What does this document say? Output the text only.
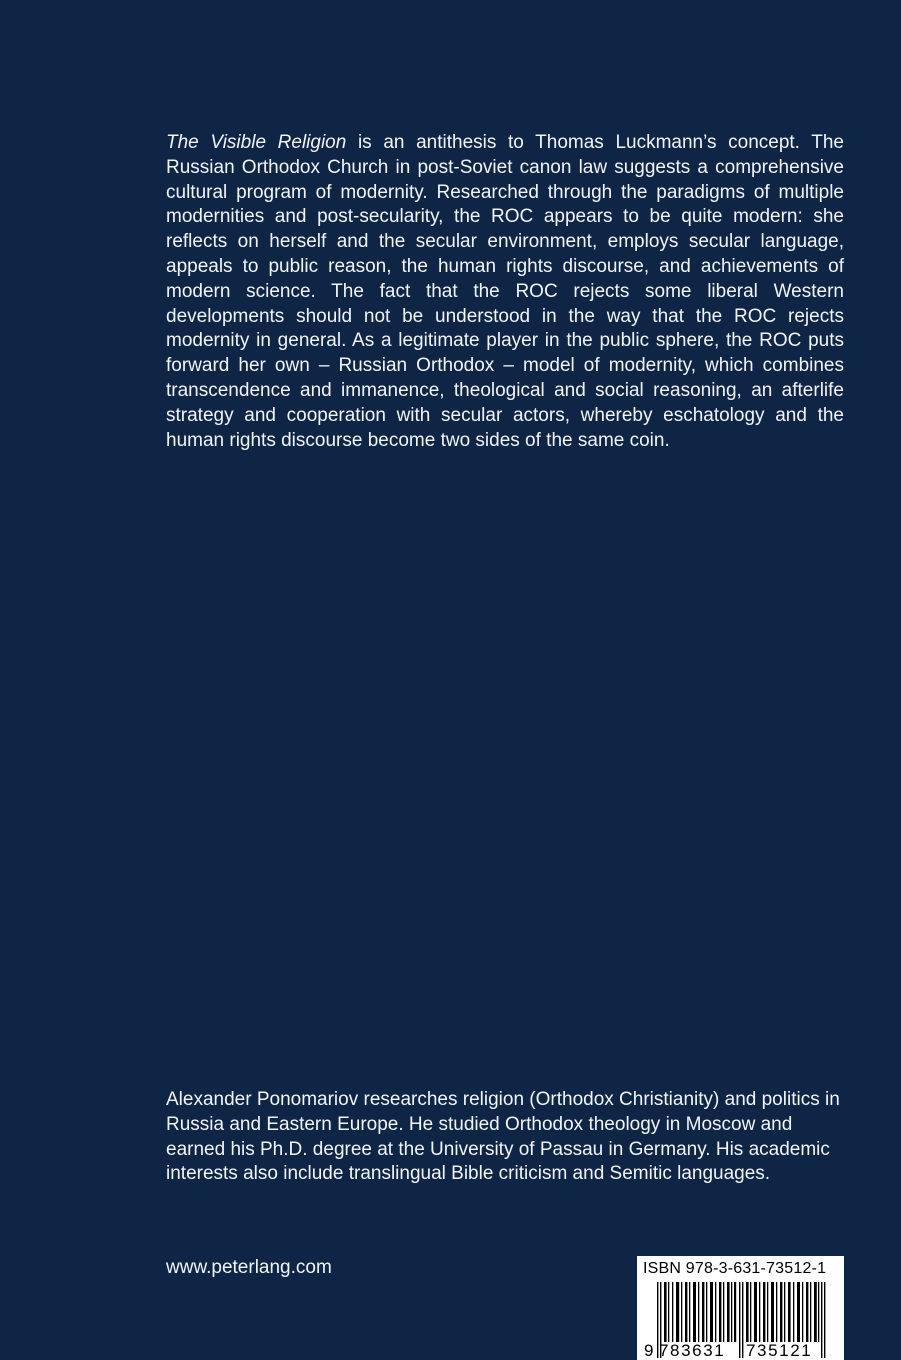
The Visible Religion is an antithesis to Thomas Luckmann’s concept. The Russian Orthodox Church in post-Soviet canon law suggests a comprehensive cultural program of modernity. Researched through the paradigms of multiple modernities and post-secularity, the ROC appears to be quite modern: she reflects on herself and the secular environment, employs secular language, appeals to public reason, the human rights discourse, and achievements of modern science. The fact that the ROC rejects some liberal Western developments should not be understood in the way that the ROC rejects modernity in general. As a legitimate player in the public sphere, the ROC puts forward her own – Russian Orthodox – model of modernity, which combines transcendence and immanence, theological and social reasoning, an afterlife strategy and cooperation with secular actors, whereby eschatology and the human rights discourse become two sides of the same coin.

Alexander Ponomariov researches religion (Orthodox Christianity) and politics in Russia and Eastern Europe. He studied Orthodox theology in Moscow and earned his Ph.D. degree at the University of Passau in Germany. His academic interests also include translingual Bible criticism and Semitic languages.

www.peterlang.com	ISBN 978-3-631-73512-1
9 783631 735121
